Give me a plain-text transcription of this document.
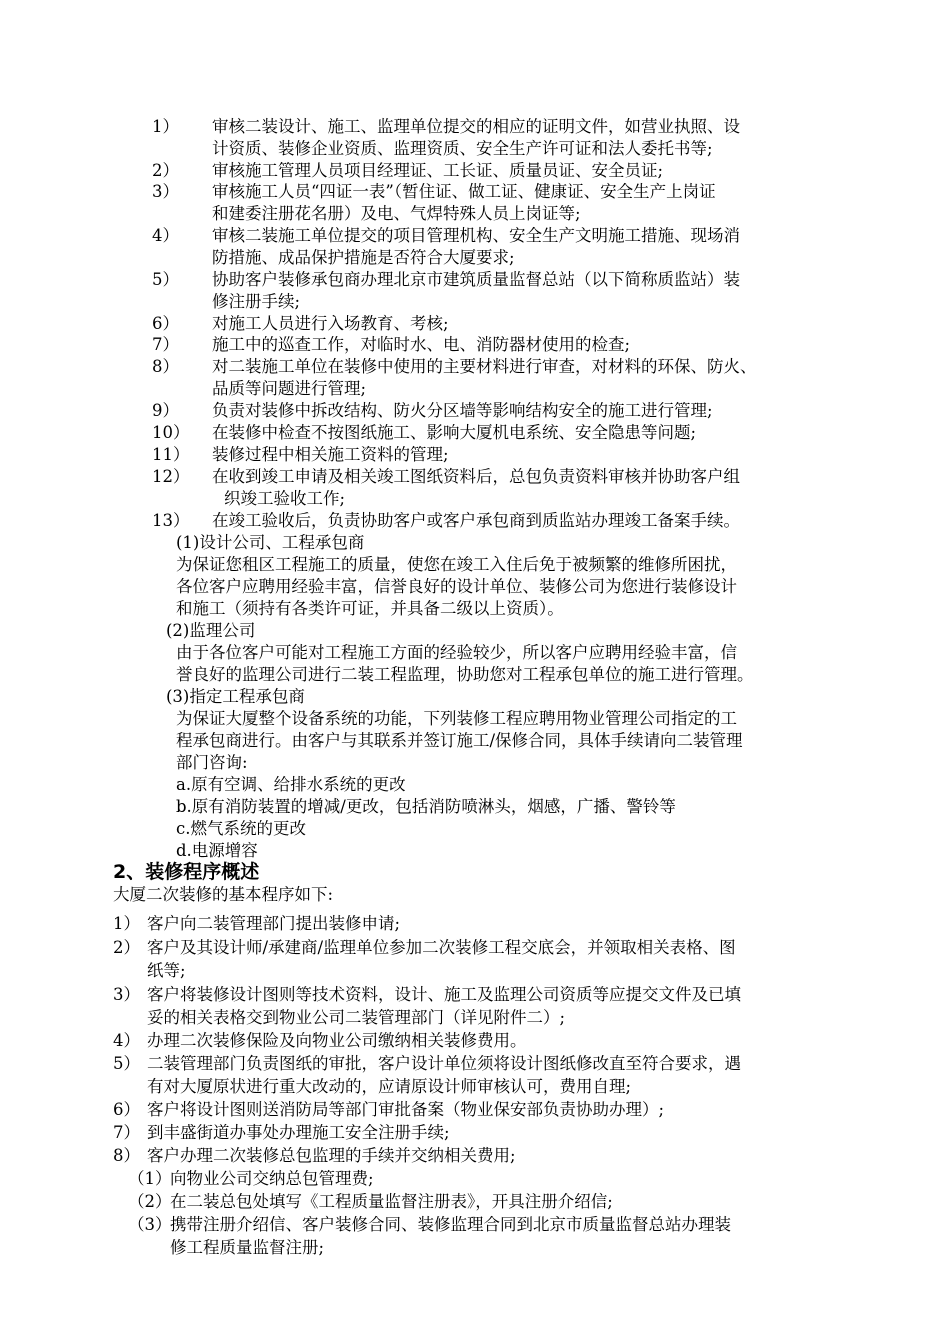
1） 审核二装设计、施工、监理单位提交的相应的证明文件，如营业执照、设
计资质、装修企业资质、监理资质、安全生产许可证和法人委托书等;
2） 审核施工管理人员项目经理证、工长证、质量员证、安全员证;
3） 审核施工人员“四证一表”（暂住证、做工证、健康证、安全生产上岗证
和建委注册花名册）及电、气焊特殊人员上岗证等;
4） 审核二装施工单位提交的项目管理机构、安全生产文明施工措施、现场消
防措施、成品保护措施是否符合大厦要求;
5） 协助客户装修承包商办理北京市建筑质量监督总站（以下简称质监站）装
修注册手续;
6） 对施工人员进行入场教育、考核;
7） 施工中的巡查工作，对临时水、电、消防器材使用的检查;
8） 对二装施工单位在装修中使用的主要材料进行审查，对材料的环保、防火、
品质等问题进行管理;
9） 负责对装修中拆改结构、防火分区墙等影响结构安全的施工进行管理;
10） 在装修中检查不按图纸施工、影响大厦机电系统、安全隐患等问题;
11） 装修过程中相关施工资料的管理;
12） 在收到竣工申请及相关竣工图纸资料后，总包负责资料审核并协助客户组
织竣工验收工作;
13） 在竣工验收后，负责协助客户或客户承包商到质监站办理竣工备案手续。
(1)设计公司、工程承包商
为保证您租区工程施工的质量，使您在竣工入住后免于被频繁的维修所困扰，
各位客户应聘用经验丰富，信誉良好的设计单位、装修公司为您进行装修设计
和施工（须持有各类许可证，并具备二级以上资质）。
(2)监理公司
由于各位客户可能对工程施工方面的经验较少，所以客户应聘用经验丰富，信
誉良好的监理公司进行二装工程监理，协助您对工程承包单位的施工进行管理。
(3)指定工程承包商
为保证大厦整个设备系统的功能，下列装修工程应聘用物业管理公司指定的工
程承包商进行。由客户与其联系并签订施工/保修合同，具体手续请向二装管理
部门咨询:
a.原有空调、给排水系统的更改
b.原有消防装置的增减/更改，包括消防喷淋头，烟感，广播、警铃等
c.燃气系统的更改
d.电源增容
2、装修程序概述
大厦二次装修的基本程序如下:
1） 客户向二装管理部门提出装修申请;
2） 客户及其设计师/承建商/监理单位参加二次装修工程交底会，并领取相关表格、图
纸等;
3） 客户将装修设计图则等技术资料，设计、施工及监理公司资质等应提交文件及已填
妥的相关表格交到物业公司二装管理部门（详见附件二）;
4） 办理二次装修保险及向物业公司缴纳相关装修费用。
5） 二装管理部门负责图纸的审批，客户设计单位须将设计图纸修改直至符合要求，遇
有对大厦原状进行重大改动的，应请原设计师审核认可，费用自理;
6） 客户将设计图则送消防局等部门审批备案（物业保安部负责协助办理）;
7） 到丰盛街道办事处办理施工安全注册手续;
8） 客户办理二次装修总包监理的手续并交纳相关费用;
（1）
向物业公司交纳总包管理费;
（2）
在二装总包处填写《工程质量监督注册表》，开具注册介绍信;
（3）
携带注册介绍信、客户装修合同、装修监理合同到北京市质量监督总站办理装
修工程质量监督注册;
